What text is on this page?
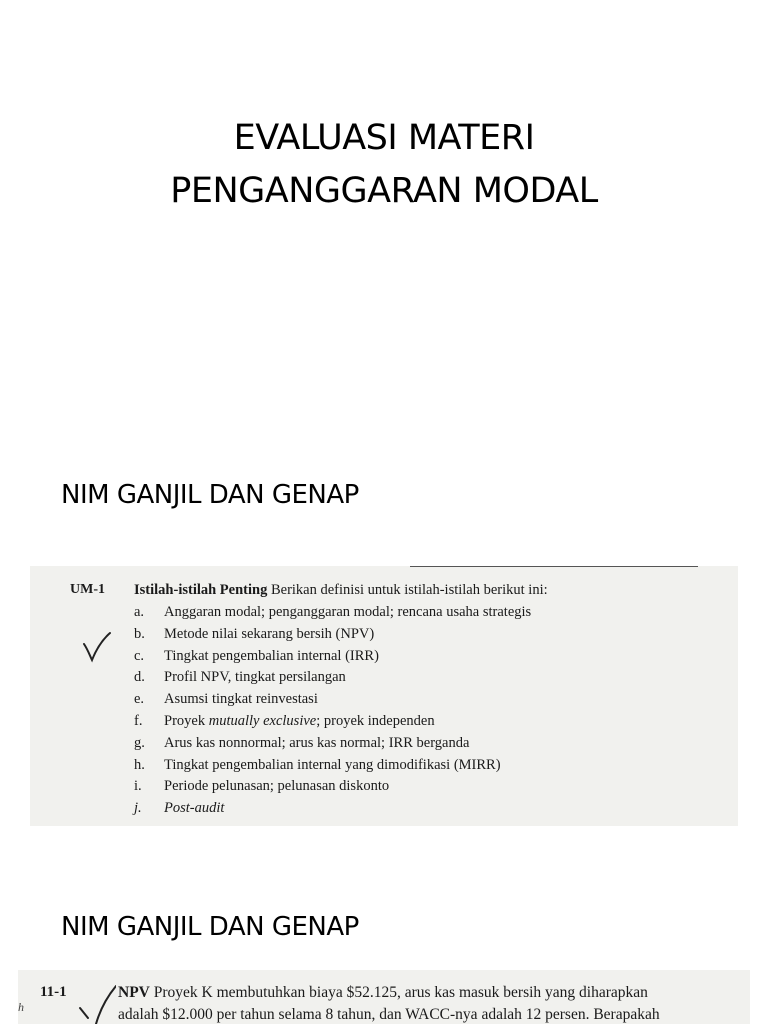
EVALUASI MATERI
PENGANGGARAN MODAL
NIM GANJIL DAN GENAP
UM-1 Istilah-istilah Penting Berikan definisi untuk istilah-istilah berikut ini:
a.	Anggaran modal; penganggaran modal; rencana usaha strategis
b.	Metode nilai sekarang bersih (NPV)
c.	Tingkat pengembalian internal (IRR)
d.	Profil NPV, tingkat persilangan
e.	Asumsi tingkat reinvestasi
f.	Proyek mutually exclusive; proyek independen
g.	Arus kas nonnormal; arus kas normal; IRR berganda
h.	Tingkat pengembalian internal yang dimodifikasi (MIRR)
i.	Periode pelunasan; pelunasan diskonto
j.	Post-audit
NIM GANJIL DAN GENAP
11-1	NPV Proyek K membutuhkan biaya $52.125, arus kas masuk bersih yang diharapkan
adalah $12.000 per tahun selama 8 tahun, dan WACC-nya adalah 12 persen. Berapakah
h
